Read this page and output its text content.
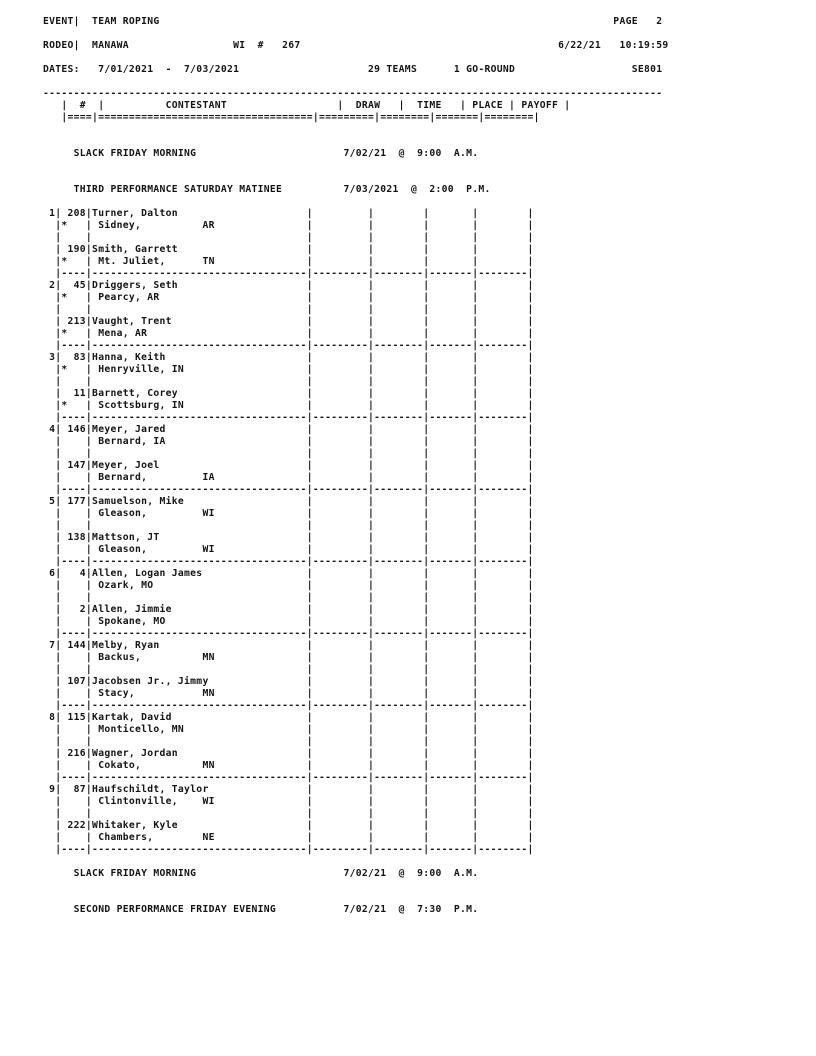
EVENT|  TEAM ROPING                                                                          PAGE   2

RODEO|  MANAWA                 WI  #   267                                          6/22/21   10:19:59

DATES:   7/01/2021  -  7/03/2021                     29 TEAMS      1 GO-ROUND                   SE801

-----------------------------------------------------------------------------------------------------
|  #  |          CONTESTANT                  |  DRAW   |  TIME   | PLACE | PAYOFF |
|====|===================================|=========|========|=======|========|

SLACK FRIDAY MORNING                        7/02/21  @  9:00  A.M.

THIRD PERFORMANCE SATURDAY MATINEE          7/03/2021  @  2:00  P.M.

1| 208|Turner, Dalton                     |         |        |       |        |
|*   | Sidney,          AR               |         |        |       |        |
|    |                                   |         |        |       |        |
| 190|Smith, Garrett                     |         |        |       |        |
|*   | Mt. Juliet,      TN               |         |        |       |        |
|----|-----------------------------------|---------|--------|-------|--------|
2|  45|Driggers, Seth                     |         |        |       |        |
|*   | Pearcy, AR                        |         |        |       |        |
|    |                                   |         |        |       |        |
| 213|Vaught, Trent                      |         |        |       |        |
|*   | Mena, AR                          |         |        |       |        |
|----|-----------------------------------|---------|--------|-------|--------|
3|  83|Hanna, Keith                       |         |        |       |        |
|*   | Henryville, IN                    |         |        |       |        |
|    |                                   |         |        |       |        |
|  11|Barnett, Corey                     |         |        |       |        |
|*   | Scottsburg, IN                    |         |        |       |        |
|----|-----------------------------------|---------|--------|-------|--------|
4| 146|Meyer, Jared                       |         |        |       |        |
|    | Bernard, IA                       |         |        |       |        |
|    |                                   |         |        |       |        |
| 147|Meyer, Joel                        |         |        |       |        |
|    | Bernard,         IA               |         |        |       |        |
|----|-----------------------------------|---------|--------|-------|--------|
5| 177|Samuelson, Mike                    |         |        |       |        |
|    | Gleason,         WI               |         |        |       |        |
|    |                                   |         |        |       |        |
| 138|Mattson, JT                        |         |        |       |        |
|    | Gleason,         WI               |         |        |       |        |
|----|-----------------------------------|---------|--------|-------|--------|
6|   4|Allen, Logan James                 |         |        |       |        |
|    | Ozark, MO                         |         |        |       |        |
|    |                                   |         |        |       |        |
|   2|Allen, Jimmie                      |         |        |       |        |
|    | Spokane, MO                       |         |        |       |        |
|----|-----------------------------------|---------|--------|-------|--------|
7| 144|Melby, Ryan                        |         |        |       |        |
|    | Backus,          MN               |         |        |       |        |
|    |                                   |         |        |       |        |
| 107|Jacobsen Jr., Jimmy                |         |        |       |        |
|    | Stacy,           MN               |         |        |       |        |
|----|-----------------------------------|---------|--------|-------|--------|
8| 115|Kartak, David                      |         |        |       |        |
|    | Monticello, MN                    |         |        |       |        |
|    |                                   |         |        |       |        |
| 216|Wagner, Jordan                     |         |        |       |        |
|    | Cokato,          MN               |         |        |       |        |
|----|-----------------------------------|---------|--------|-------|--------|
9|  87|Haufschildt, Taylor                |         |        |       |        |
|    | Clintonville,    WI               |         |        |       |        |
|    |                                   |         |        |       |        |
| 222|Whitaker, Kyle                     |         |        |       |        |
|    | Chambers,        NE               |         |        |       |        |
|----|-----------------------------------|---------|--------|-------|--------|

SLACK FRIDAY MORNING                        7/02/21  @  9:00  A.M.

SECOND PERFORMANCE FRIDAY EVENING           7/02/21  @  7:30  P.M.
